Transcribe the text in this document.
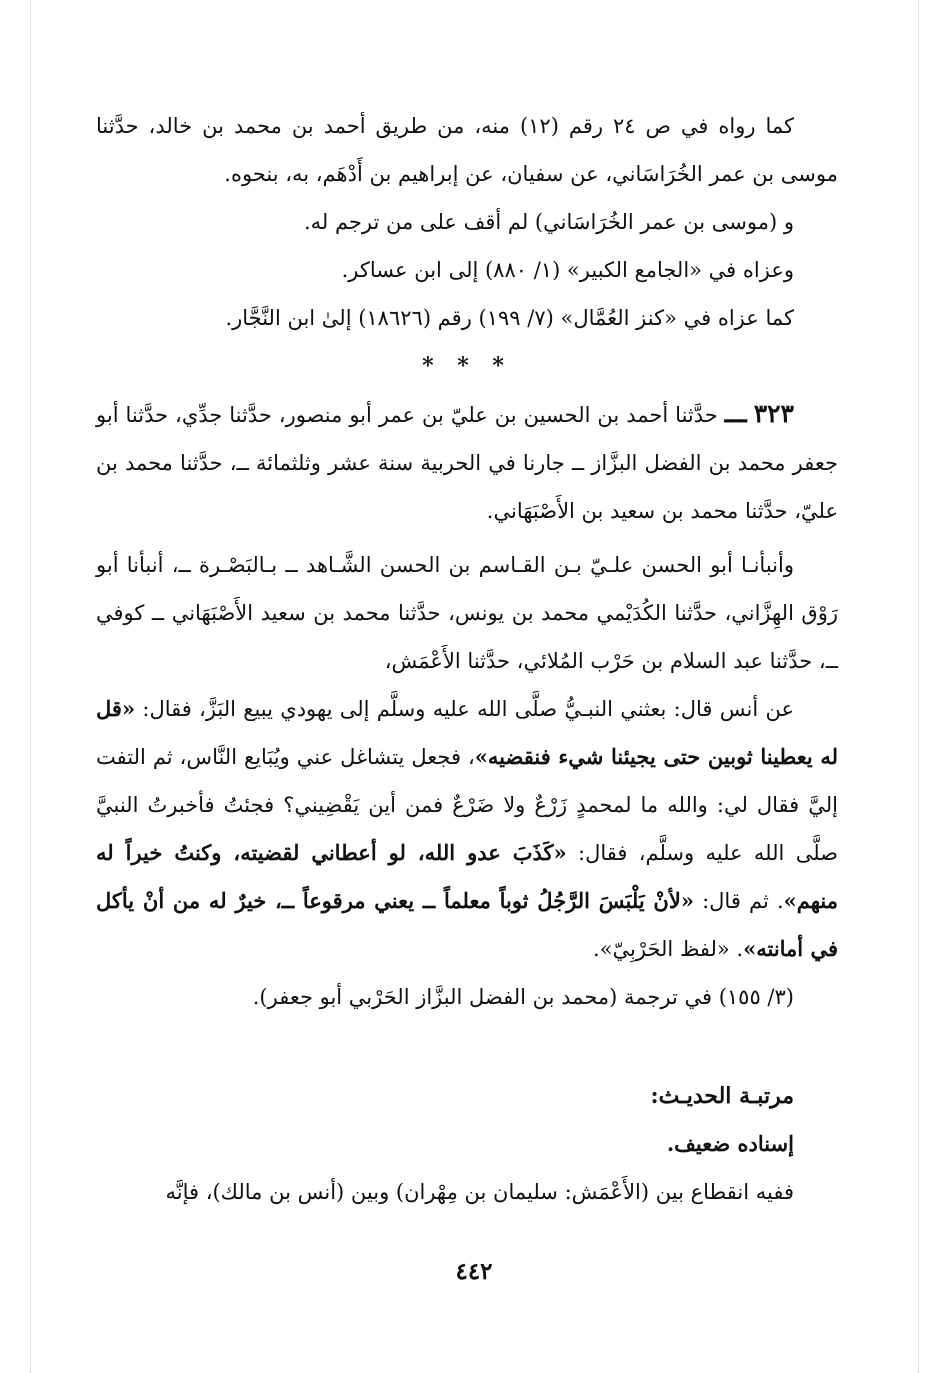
كما رواه في ص ٢٤ رقم (١٢) منه، من طريق أحمد بن محمد بن خالد، حدَّثنا موسى بن عمر الخُرَاسَاني، عن سفيان، عن إبراهيم بن أَدْهَم، به، بنحوه.

و (موسى بن عمر الخُرَاسَاني) لم أقف على من ترجم له.

وعزاه في «الجامع الكبير» (١/ ٨٨٠) إلى ابن عساكر.

كما عزاه في «كنز العُمَّال» (٧/ ١٩٩) رقم (١٨٦٢٦) إلىٰ ابن النَّجَّار.

* * *

٣٢٣ ـــ حدَّثنا أحمد بن الحسين بن عليّ بن عمر أبو منصور، حدَّثنا جدِّي، حدَّثنا أبو جعفر محمد بن الفضل البزَّاز ــ جارنا في الحربية سنة عشر وثلثمائة ــ، حدَّثنا محمد بن عليّ، حدَّثنا محمد بن سعيد بن الأَصْبَهَاني.

وأنبأنـا أبو الحسن علـيّ بـن القـاسم بن الحسن الشَّـاهد ــ بـالبَصْـرة ــ، أنبأنا أبو رَوْق الهِزَّاني، حدَّثنا الكُدَيْمي محمد بن يونس، حدَّثنا محمد بن سعيد الأَصْبَهَاني ــ كوفي ــ، حدَّثنا عبد السلام بن حَرْب المُلائي، حدَّثنا الأَعْمَش،

عن أنس قال: بعثني النبـيُّ صلَّى الله عليه وسلَّم إلى يهودي يبيع البَزَّ، فقال: «قل له يعطينا ثوبين حتى يجيئنا شيء فنقضيه»، فجعل يتشاغل عني ويُبَايع النَّاس، ثم التفت إليَّ فقال لي: والله ما لمحمدٍ زَرْعٌ ولا ضَرْعٌ فمن أين يَقْضِيني؟ فجئتُ فأخبرتُ النبيَّ صلَّى الله عليه وسلَّم، فقال: «كَذَبَ عدو الله، لو أعطاني لقضيته، وكنتُ خيراً له منهم». ثم قال: «لأنْ يَلْبَسَ الرَّجُلُ ثوباً معلماً ــ يعني مرقوعاً ــ، خيرٌ له من أنْ يأكل في أمانته». «لفظ الحَرْبِيّ».

(٣/ ١٥٥) في ترجمة (محمد بن الفضل البزَّاز الحَرْبي أبو جعفر).

مرتبـة الحديـث:

إسناده ضعيف.

ففيه انقطاع بين (الأَعْمَش: سليمان بن مِهْران) وبين (أنس بن مالك)، فإنَّه

٤٤٢
